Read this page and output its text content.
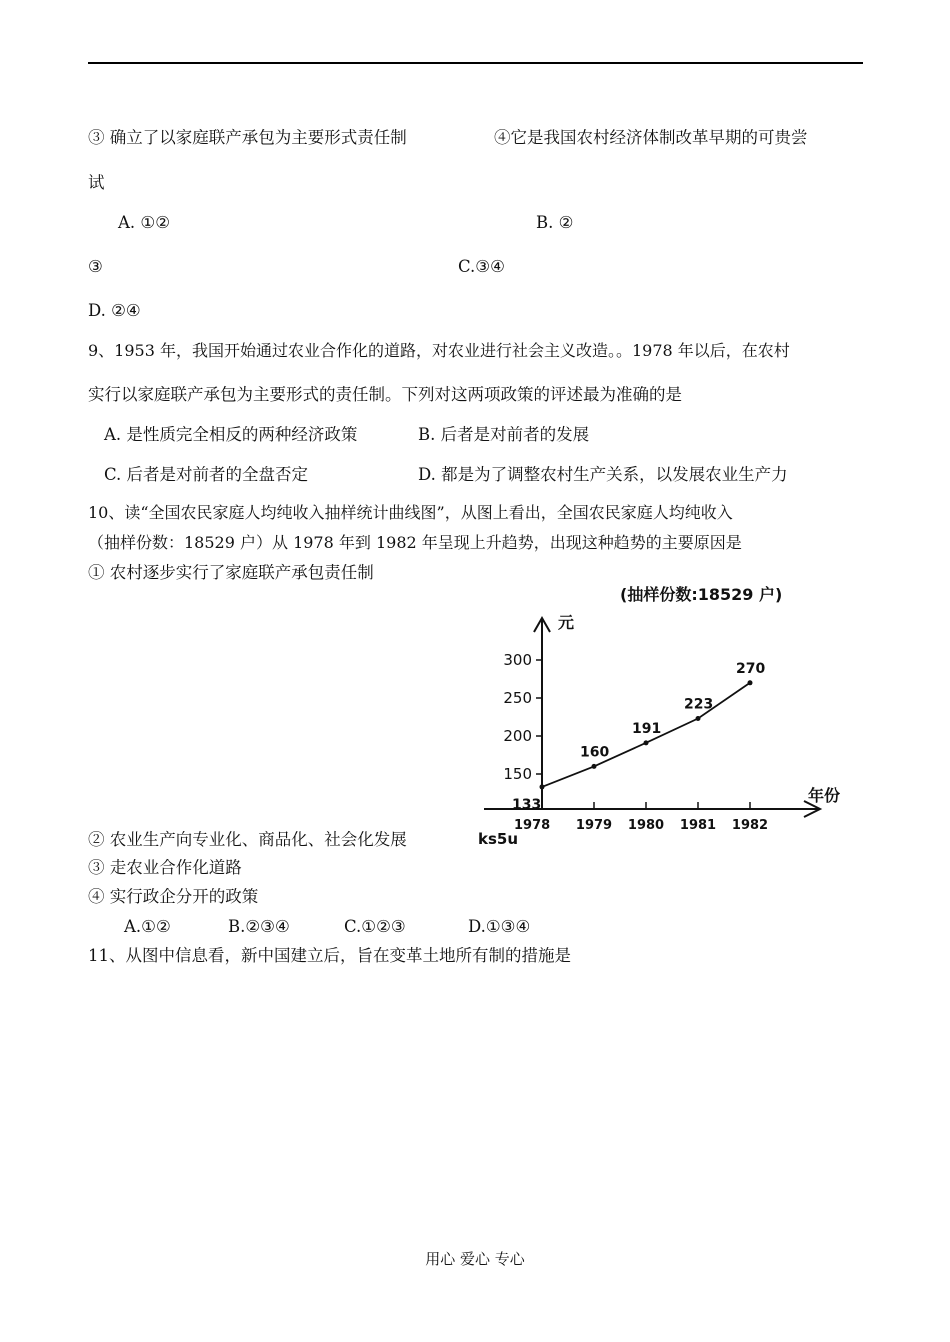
③ 确立了以家庭联产承包为主要形式责任制	④它是我国农村经济体制改革早期的可贵尝
试
A. ①②	B. ②
③	C.③④
D. ②④
9、1953 年，我国开始通过农业合作化的道路，对农业进行社会主义改造。。1978 年以后，在农村
实行以家庭联产承包为主要形式的责任制。下列对这两项政策的评述最为准确的是
A. 是性质完全相反的两种经济政策	B. 后者是对前者的发展
C. 后者是对前者的全盘否定	D. 都是为了调整农村生产关系，以发展农业生产力
10、读“全国农民家庭人均纯收入抽样统计曲线图”，从图上看出，全国农民家庭人均纯收入
（抽样份数：18529 户）从 1978 年到 1982 年呈现上升趋势，出现这种趋势的主要原因是
① 农村逐步实行了家庭联产承包责任制
(抽样份数:18529 户)
元
年份
ks5u
150
200
250
300
1978 1979 1980 1981 1982
133
160
191
223
270
② 农业生产向专业化、商品化、社会化发展
③ 走农业合作化道路
④ 实行政企分开的政策
A.①②	B.②③④	C.①②③	D.①③④
11、从图中信息看，新中国建立后，旨在变革土地所有制的措施是
用心 爱心 专心
